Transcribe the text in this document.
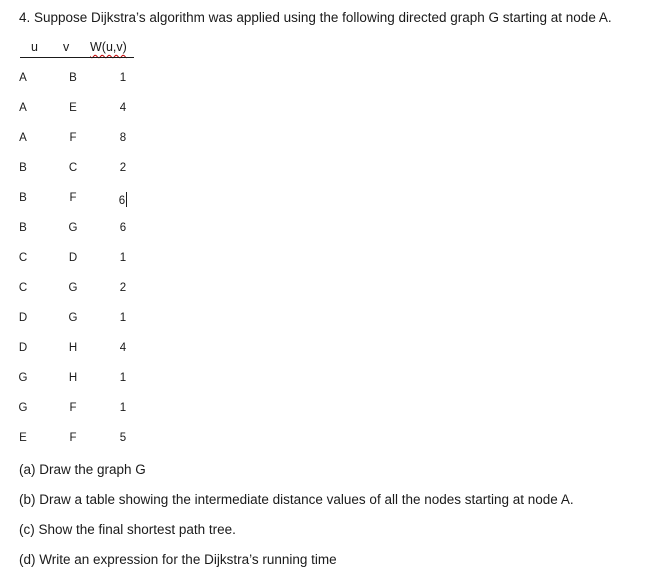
4. Suppose Dijkstra’s algorithm was applied using the following directed graph G starting at node A.
u v W(u,v)
A	B	1
A	E	4
A	F	8
B	C	2
B	F	6
B	G	6
C	D	1
C	G	2
D	G	1
D	H	4
G	H	1
G	F	1
E	F	5
(a) Draw the graph G
(b) Draw a table showing the intermediate distance values of all the nodes starting at node A.
(c) Show the final shortest path tree.
(d) Write an expression for the Dijkstra’s running time
